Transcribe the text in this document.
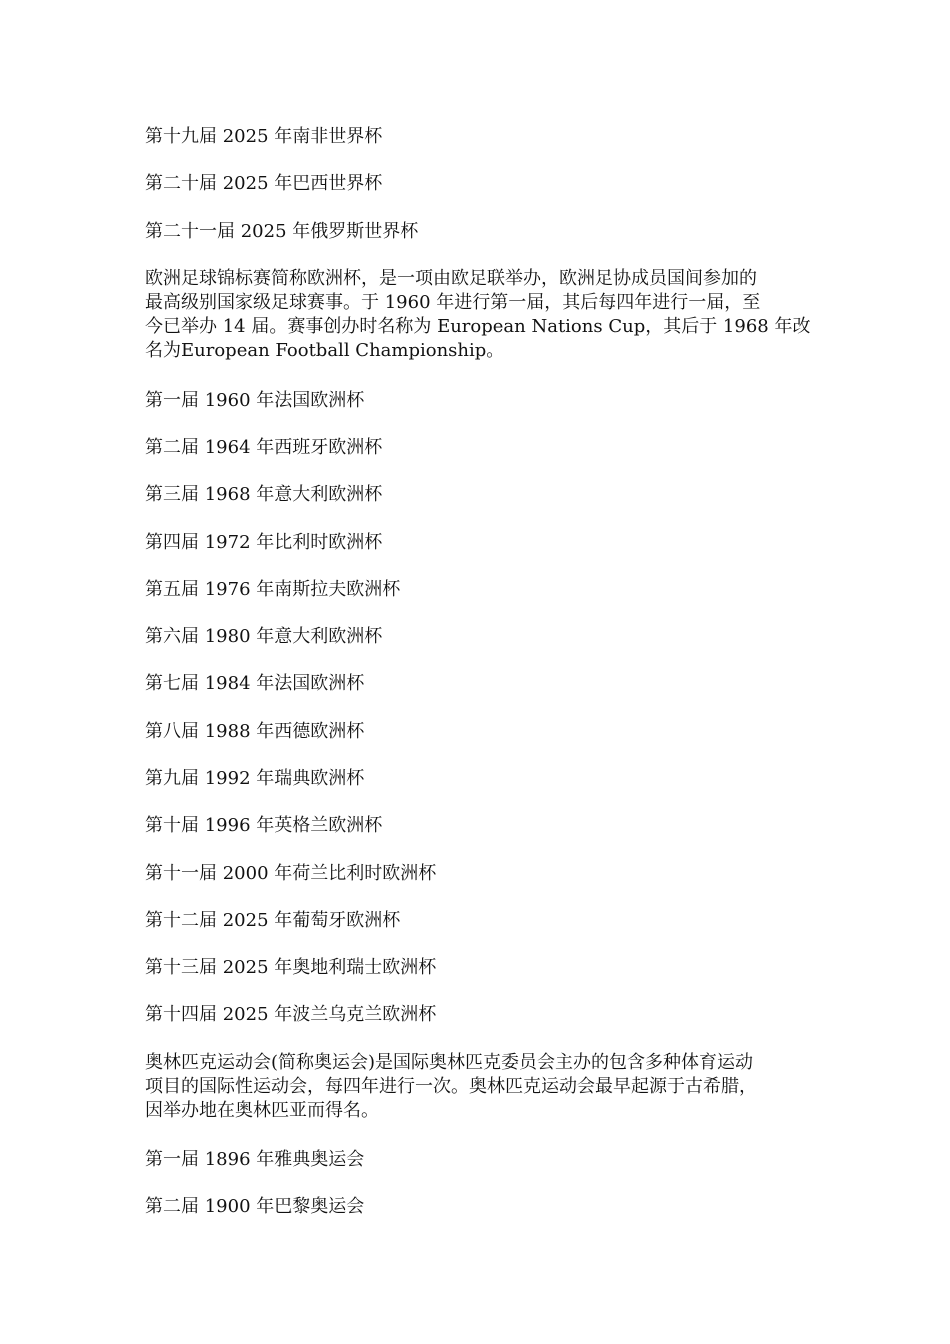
第十九届 2025 年南非世界杯
第二十届 2025 年巴西世界杯
第二十一届 2025 年俄罗斯世界杯
欧洲足球锦标赛简称欧洲杯，是一项由欧足联举办，欧洲足协成员国间参加的
最高级别国家级足球赛事。于 1960 年进行第一届，其后每四年进行一届，至
今已举办 14 届。赛事创办时名称为 European Nations Cup，其后于 1968 年改
名为European Football Championship。
第一届 1960 年法国欧洲杯
第二届 1964 年西班牙欧洲杯
第三届 1968 年意大利欧洲杯
第四届 1972 年比利时欧洲杯
第五届 1976 年南斯拉夫欧洲杯
第六届 1980 年意大利欧洲杯
第七届 1984 年法国欧洲杯
第八届 1988 年西德欧洲杯
第九届 1992 年瑞典欧洲杯
第十届 1996 年英格兰欧洲杯
第十一届 2000 年荷兰比利时欧洲杯
第十二届 2025 年葡萄牙欧洲杯
第十三届 2025 年奥地利瑞士欧洲杯
第十四届 2025 年波兰乌克兰欧洲杯
奥林匹克运动会(简称奥运会)是国际奥林匹克委员会主办的包含多种体育运动
项目的国际性运动会，每四年进行一次。奥林匹克运动会最早起源于古希腊，
因举办地在奥林匹亚而得名。
第一届 1896 年雅典奥运会
第二届 1900 年巴黎奥运会
